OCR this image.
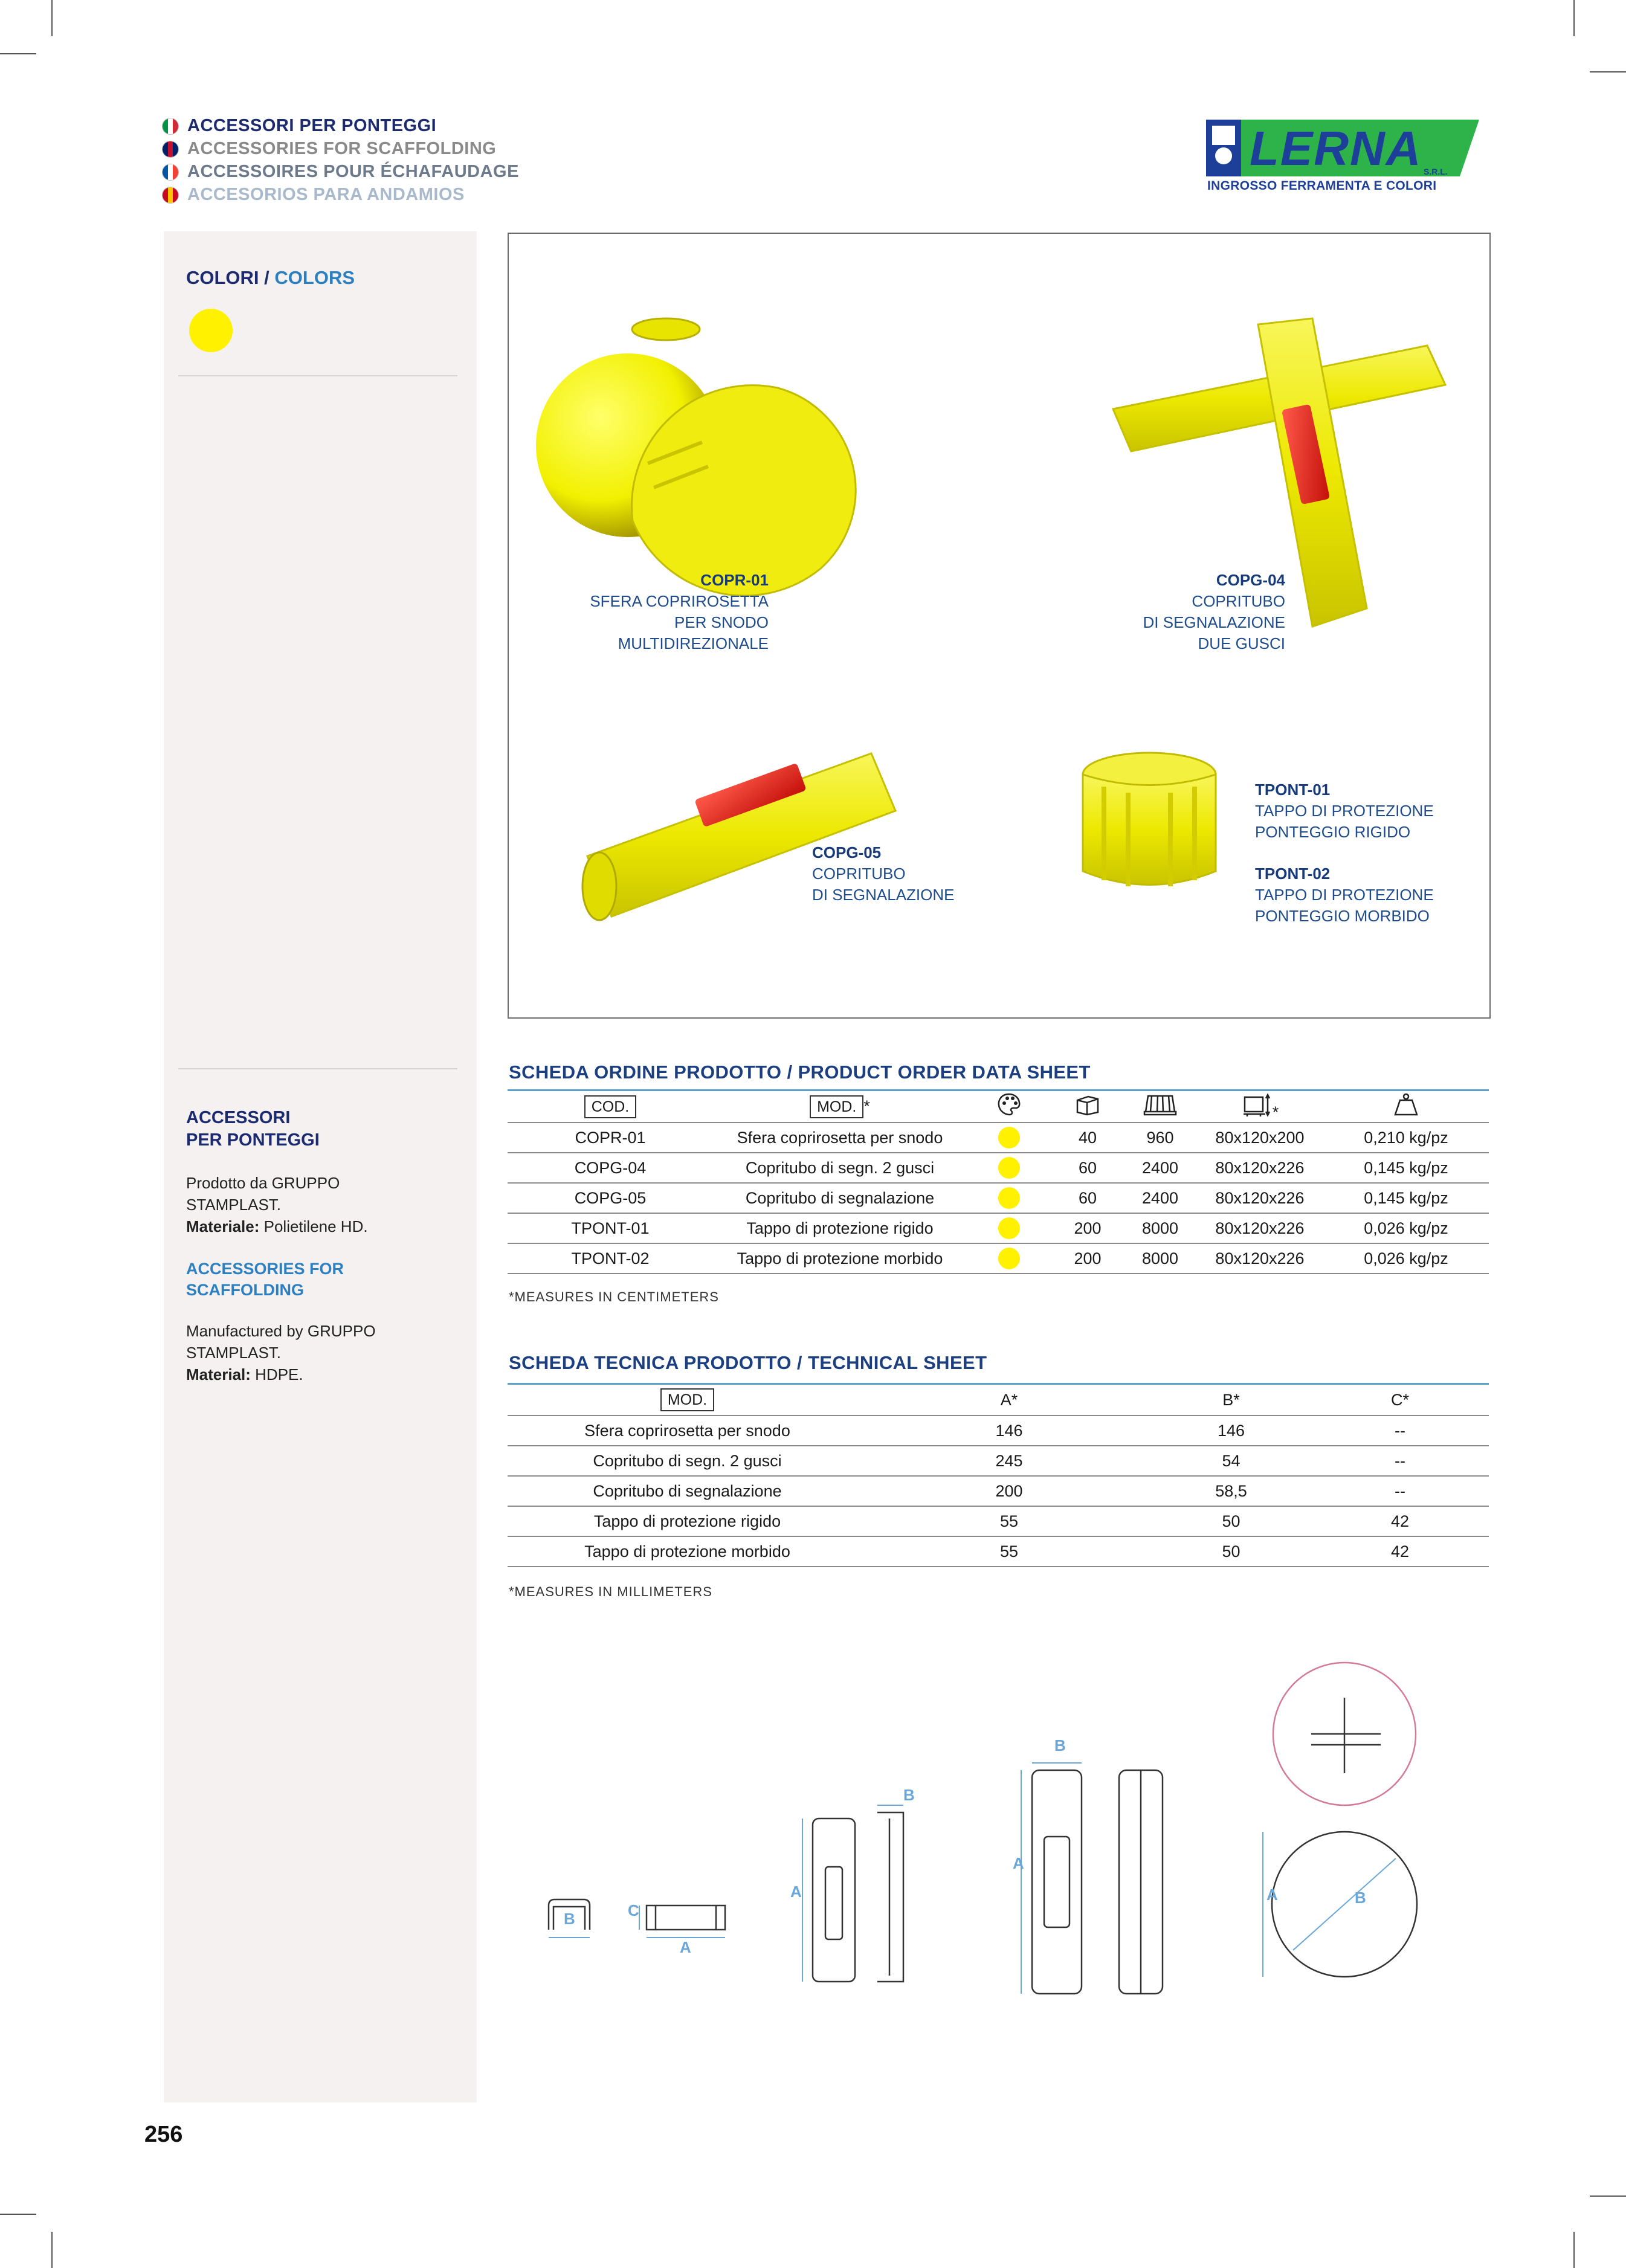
ACCESSORI PER PONTEGGI
ACCESSORIES FOR SCAFFOLDING
ACCESSOIRES POUR ÉCHAFAUDAGE
ACCESORIOS PARA ANDAMIOS
LERNA S.R.L.
INGROSSO FERRAMENTA E COLORI
COLORI / COLORS
ACCESSORI
PER PONTEGGI
Prodotto da GRUPPO
STAMPLAST.
Materiale: Polietilene HD.
ACCESSORIES FOR
SCAFFOLDING
Manufactured by GRUPPO
STAMPLAST.
Material: HDPE.
COPR-01
SFERA COPRIROSETTA
PER SNODO
MULTIDIREZIONALE
COPG-04
COPRITUBO
DI SEGNALAZIONE
DUE GUSCI
COPG-05
COPRITUBO
DI SEGNALAZIONE
TPONT-01
TAPPO DI PROTEZIONE
PONTEGGIO RIGIDO
TPONT-02
TAPPO DI PROTEZIONE
PONTEGGIO MORBIDO
SCHEDA ORDINE PRODOTTO / PRODUCT ORDER DATA SHEET
COD.	MOD. *				*	
COPR-01	Sfera coprirosetta per snodo		40	960	80x120x200	0,210 kg/pz
COPG-04	Copritubo di segn. 2 gusci		60	2400	80x120x226	0,145 kg/pz
COPG-05	Copritubo di segnalazione		60	2400	80x120x226	0,145 kg/pz
TPONT-01	Tappo di protezione rigido		200	8000	80x120x226	0,026 kg/pz
TPONT-02	Tappo di protezione morbido		200	8000	80x120x226	0,026 kg/pz
*MEASURES IN CENTIMETERS
SCHEDA TECNICA PRODOTTO / TECHNICAL SHEET
MOD.	A*	B*	C*
Sfera coprirosetta per snodo	146	146	--
Copritubo di segn. 2 gusci	245	54	--
Copritubo di segnalazione	200	58,5	--
Tappo di protezione rigido	55	50	42
Tappo di protezione morbido	55	50	42
*MEASURES IN MILLIMETERS
B
A
C
A
B
A
B
A	B
256
